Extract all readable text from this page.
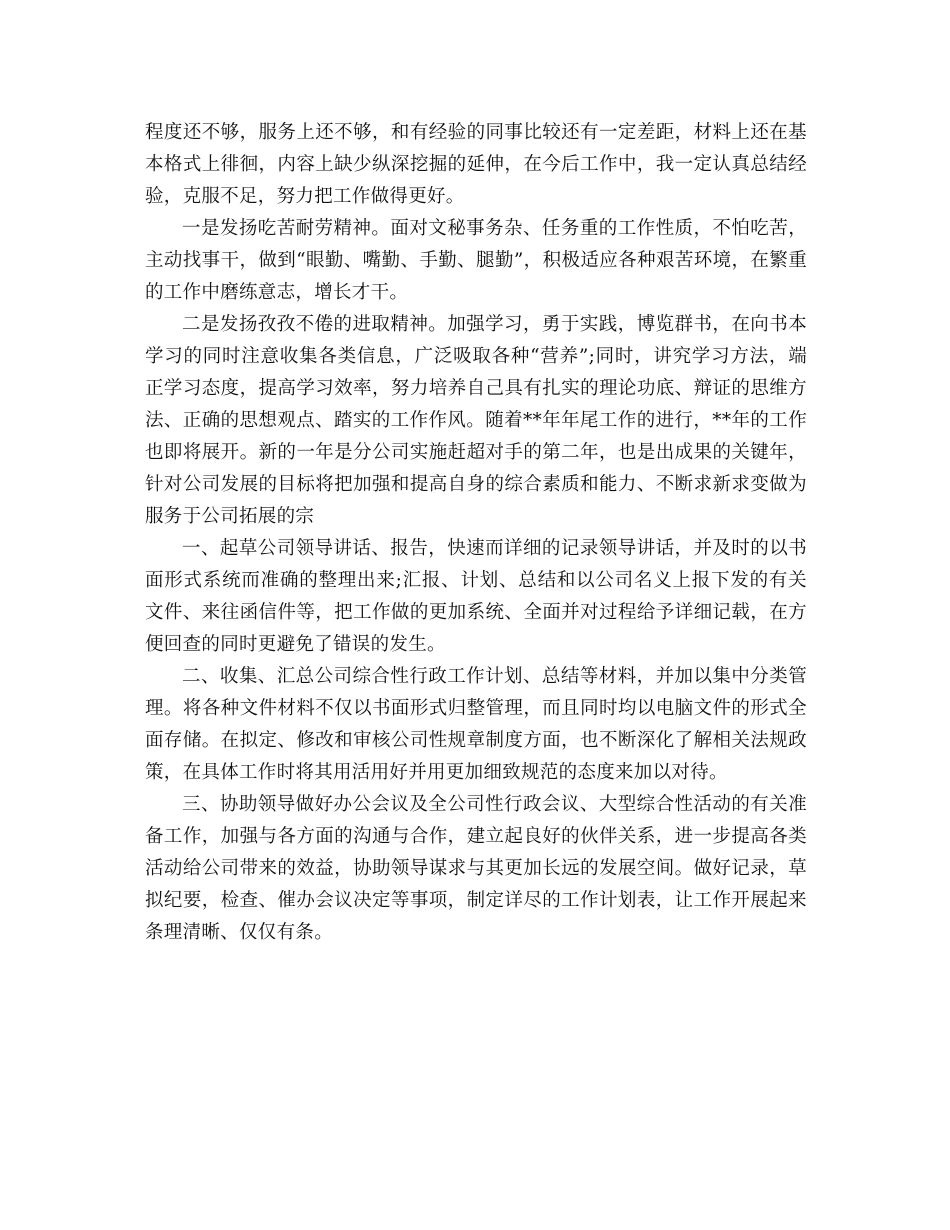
程度还不够，服务上还不够，和有经验的同事比较还有一定差距，材料上还在基本格式上徘徊，内容上缺少纵深挖掘的延伸，在今后工作中，我一定认真总结经验，克服不足，努力把工作做得更好。

一是发扬吃苦耐劳精神。面对文秘事务杂、任务重的工作性质，不怕吃苦，主动找事干，做到“眼勤、嘴勤、手勤、腿勤”，积极适应各种艰苦环境，在繁重的工作中磨练意志，增长才干。

二是发扬孜孜不倦的进取精神。加强学习，勇于实践，博览群书，在向书本学习的同时注意收集各类信息，广泛吸取各种“营养”;同时，讲究学习方法，端正学习态度，提高学习效率，努力培养自己具有扎实的理论功底、辩证的思维方法、正确的思想观点、踏实的工作作风。随着**年年尾工作的进行，**年的工作也即将展开。新的一年是分公司实施赶超对手的第二年，也是出成果的关键年，针对公司发展的目标将把加强和提高自身的综合素质和能力、不断求新求变做为服务于公司拓展的宗

一、起草公司领导讲话、报告，快速而详细的记录领导讲话，并及时的以书面形式系统而准确的整理出来;汇报、计划、总结和以公司名义上报下发的有关文件、来往函信件等，把工作做的更加系统、全面并对过程给予详细记载，在方便回查的同时更避免了错误的发生。

二、收集、汇总公司综合性行政工作计划、总结等材料，并加以集中分类管理。将各种文件材料不仅以书面形式归整管理，而且同时均以电脑文件的形式全面存储。在拟定、修改和审核公司性规章制度方面，也不断深化了解相关法规政策，在具体工作时将其用活用好并用更加细致规范的态度来加以对待。

三、协助领导做好办公会议及全公司性行政会议、大型综合性活动的有关准备工作，加强与各方面的沟通与合作，建立起良好的伙伴关系，进一步提高各类活动给公司带来的效益，协助领导谋求与其更加长远的发展空间。做好记录，草拟纪要，检查、催办会议决定等事项，制定详尽的工作计划表，让工作开展起来条理清晰、仅仅有条。
